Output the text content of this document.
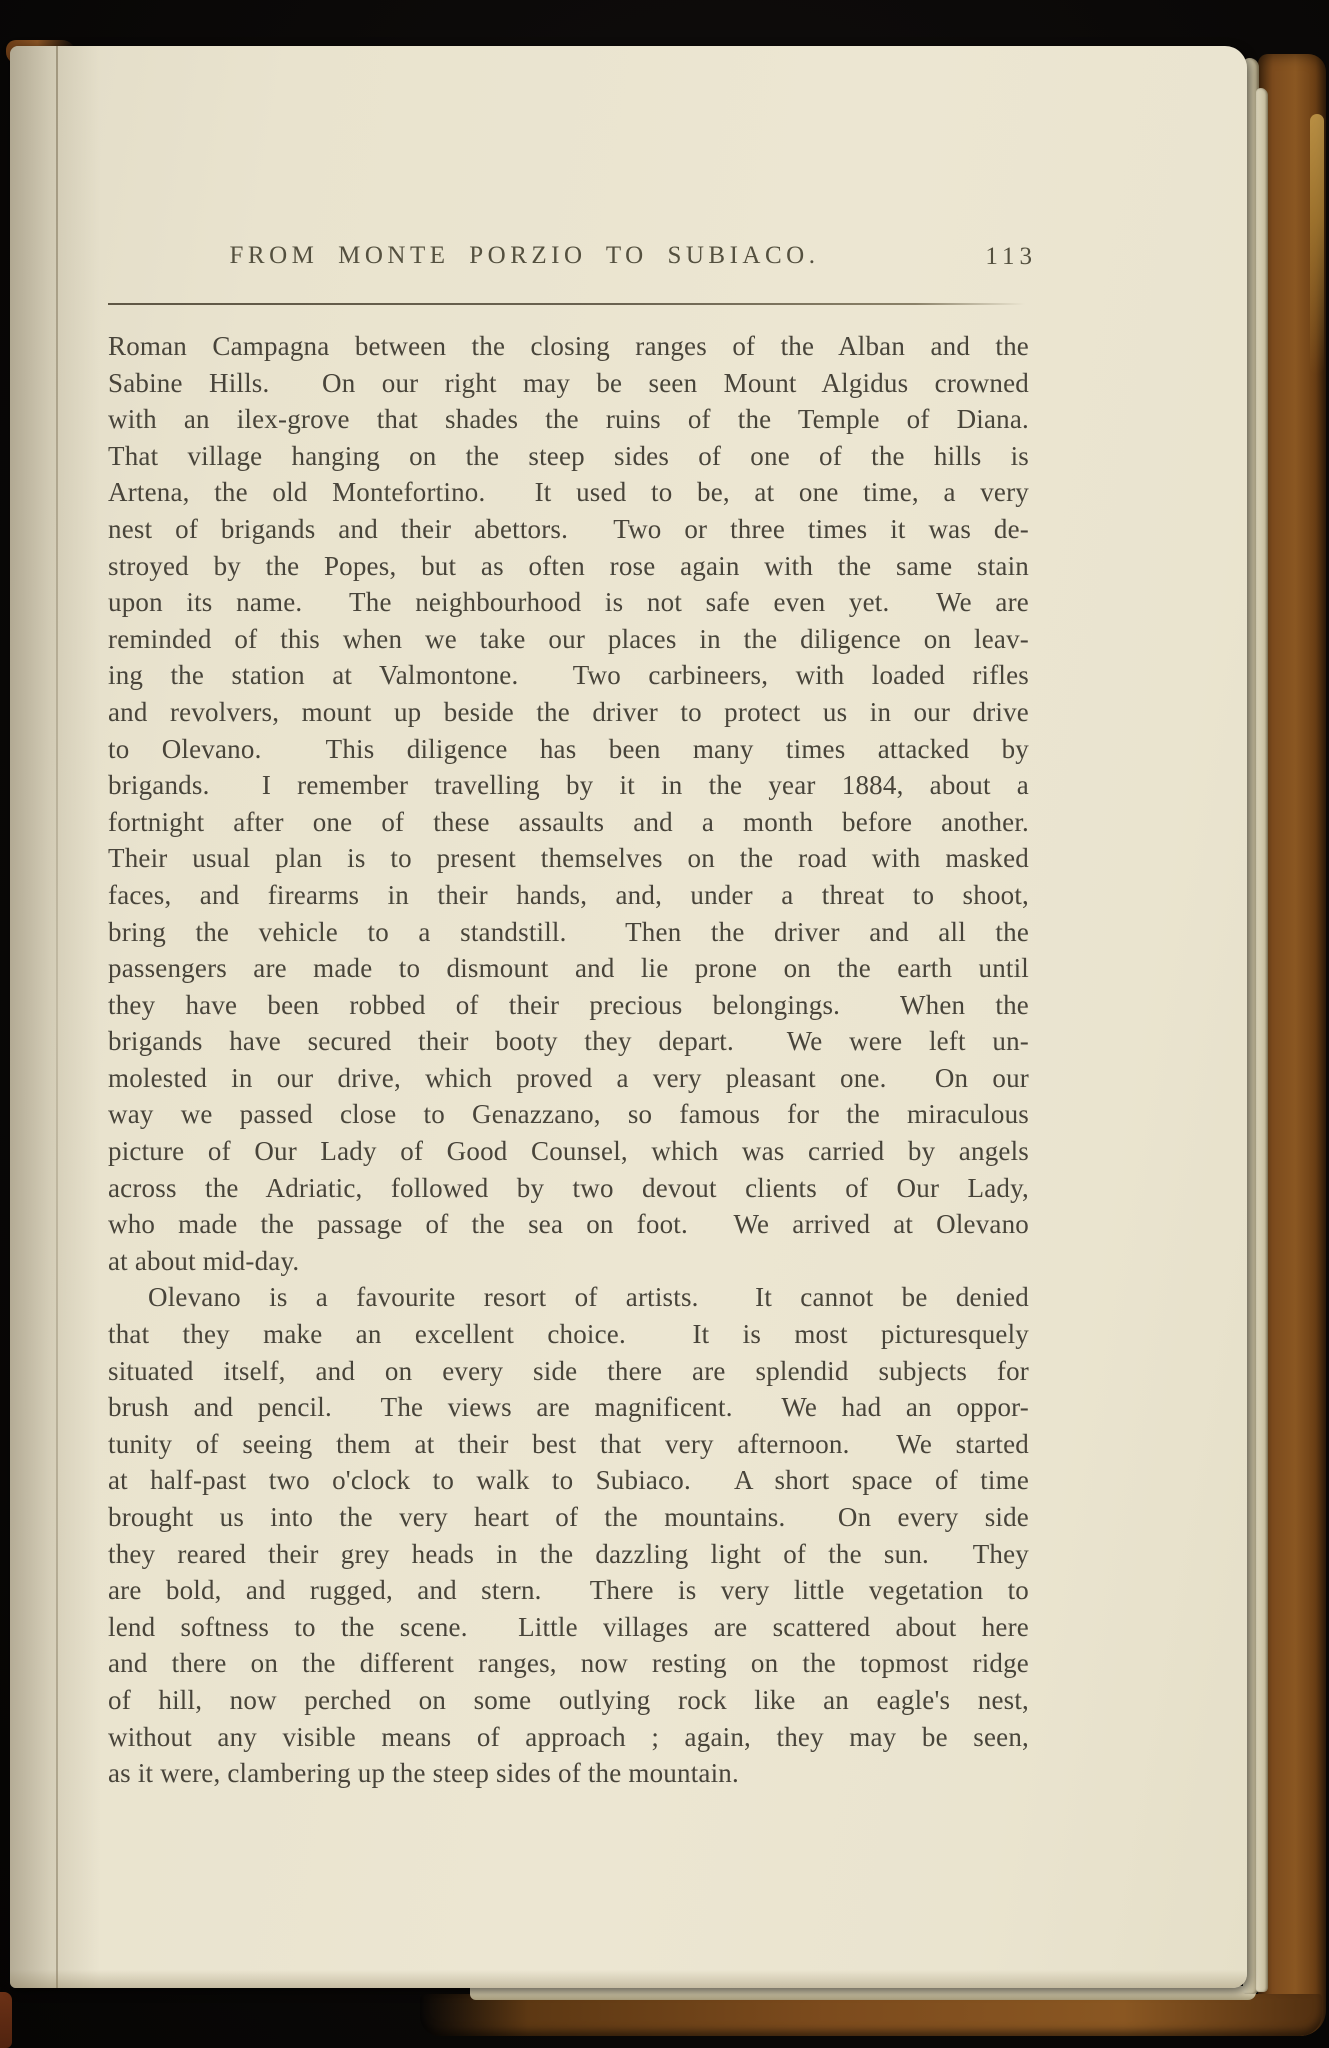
FROM MONTE PORZIO TO SUBIACO.	113
Roman Campagna between the closing ranges of the Alban and the
Sabine Hills.  On our right may be seen Mount Algidus crowned
with an ilex-grove that shades the ruins of the Temple of Diana.
That village hanging on the steep sides of one of the hills is
Artena, the old Montefortino.  It used to be, at one time, a very
nest of brigands and their abettors.  Two or three times it was de-
stroyed by the Popes, but as often rose again with the same stain
upon its name.  The neighbourhood is not safe even yet.  We are
reminded of this when we take our places in the diligence on leav-
ing the station at Valmontone.  Two carbineers, with loaded rifles
and revolvers, mount up beside the driver to protect us in our drive
to Olevano.  This diligence has been many times attacked by
brigands.  I remember travelling by it in the year 1884, about a
fortnight after one of these assaults and a month before another.
Their usual plan is to present themselves on the road with masked
faces, and firearms in their hands, and, under a threat to shoot,
bring the vehicle to a standstill.  Then the driver and all the
passengers are made to dismount and lie prone on the earth until
they have been robbed of their precious belongings.  When the
brigands have secured their booty they depart.  We were left un-
molested in our drive, which proved a very pleasant one.  On our
way we passed close to Genazzano, so famous for the miraculous
picture of Our Lady of Good Counsel, which was carried by angels
across the Adriatic, followed by two devout clients of Our Lady,
who made the passage of the sea on foot.  We arrived at Olevano
at about mid-day.
Olevano is a favourite resort of artists.  It cannot be denied
that they make an excellent choice.  It is most picturesquely
situated itself, and on every side there are splendid subjects for
brush and pencil.  The views are magnificent.  We had an oppor-
tunity of seeing them at their best that very afternoon.  We started
at half-past two o'clock to walk to Subiaco.  A short space of time
brought us into the very heart of the mountains.  On every side
they reared their grey heads in the dazzling light of the sun.  They
are bold, and rugged, and stern.  There is very little vegetation to
lend softness to the scene.  Little villages are scattered about here
and there on the different ranges, now resting on the topmost ridge
of hill, now perched on some outlying rock like an eagle's nest,
without any visible means of approach ; again, they may be seen,
as it were, clambering up the steep sides of the mountain.
